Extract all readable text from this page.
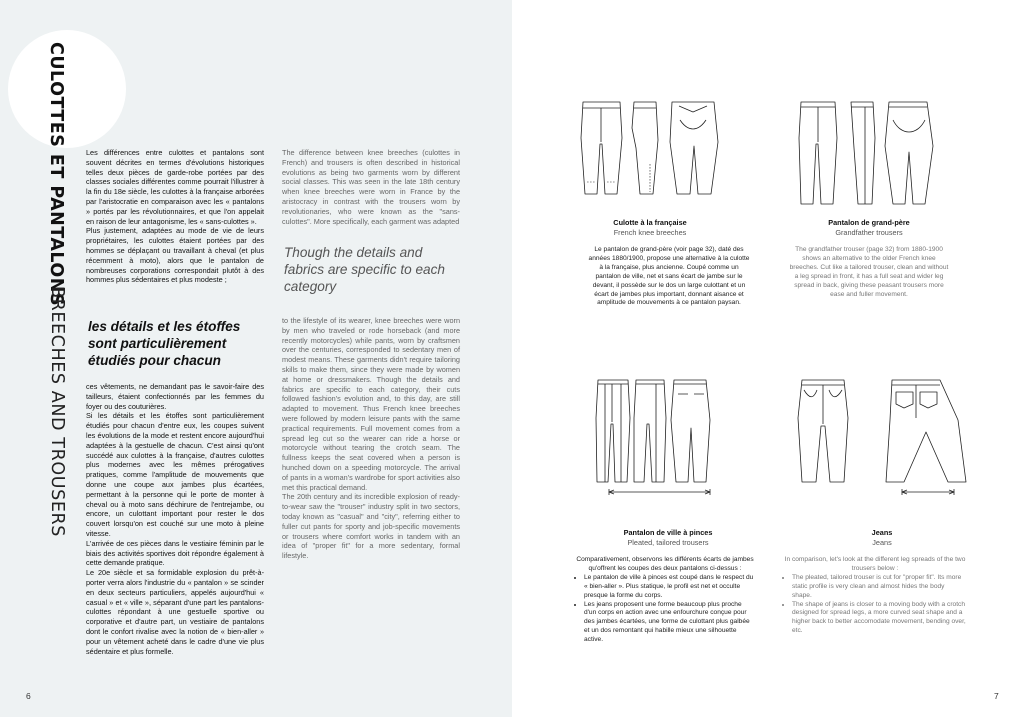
CULOTTES ET PANTALONS
BREECHES AND TROUSERS

Les différences entre culottes et pantalons sont souvent décrites en termes d'évolutions historiques telles deux pièces de garde-robe portées par des classes sociales différentes comme pourrait l'illustrer à la fin du 18e siècle, les culottes à la française arborées par l'aristocratie en comparaison avec les « pantalons » portés par les révolutionnaires, et que l'on appelait en raison de leur antagonisme, les « sans-culottes ».

Plus justement, adaptées au mode de vie de leurs propriétaires, les culottes étaient portées par des hommes se déplaçant ou travaillant à cheval (et plus récemment à moto), alors que le pantalon de nombreuses corporations correspondait plutôt à des hommes plus sédentaires et plus modeste ;

les détails et les étoffes sont particulièrement étudiés pour chacun

ces vêtements, ne demandant pas le savoir-faire des tailleurs, étaient confectionnés par les femmes du foyer ou des couturières.

Si les détails et les étoffes sont particulièrement étudiés pour chacun d'entre eux, les coupes suivent les évolutions de la mode et restent encore aujourd'hui adaptées à la gestuelle de chacun. C'est ainsi qu'ont succédé aux culottes à la française, d'autres culottes plus modernes avec les mêmes prérogatives pratiques, comme l'amplitude de mouvements que donne une coupe aux jambes plus écartées, permettant à la personne qui le porte de monter à cheval ou à moto sans déchirure de l'entrejambe, ou encore, un culottant important pour rester le dos couvert lorsqu'on est couché sur une moto à pleine vitesse.

L'arrivée de ces pièces dans le vestiaire féminin par le biais des activités sportives doit répondre également à cette demande pratique.

Le 20e siècle et sa formidable explosion du prêt-à-porter verra alors l'industrie du « pantalon » se scinder en deux secteurs particuliers, appelés aujourd'hui « casual » et « ville », séparant d'une part les pantalons-culottes répondant à une gestuelle sportive ou corporative et d'autre part, un vestiaire de pantalons dont le confort rivalise avec la notion de « bien-aller » pour un vêtement acheté dans le cadre d'une vie plus sédentaire et plus formelle.

The difference between knee breeches (culottes in French) and trousers is often described in historical evolutions as being two garments worn by different social classes. This was seen in the late 18th century when knee breeches were worn in France by the aristocracy in contrast with the trousers worn by revolutionaries, who were known as the "sans-culottes". More specifically, each garment was adapted

Though the details and fabrics are specific to each category

to the lifestyle of its wearer, knee breeches were worn by men who traveled or rode horseback (and more recently motorcycles) while pants, worn by craftsmen over the centuries, corresponded to sedentary men of modest means. These garments didn't require tailoring skills to make them, since they were made by women at home or dressmakers. Though the details and fabrics are specific to each category, their cuts followed fashion's evolution and, to this day, are still adapted to movement. Thus French knee breeches were followed by modern leisure pants with the same practical requirements. Full movement comes from a spread leg cut so the wearer can ride a horse or motorcycle without tearing the crotch seam. The fullness keeps the seat covered when a person is hunched down on a speeding motorcycle. The arrival of pants in a woman's wardrobe for sport activities also met this practical demand.

The 20th century and its incredible explosion of ready-to-wear saw the "trouser" industry split in two sectors, today known as "casual" and "city", referring either to fuller cut pants for sporty and job-specific movements or trousers where comfort works in tandem with an idea of "proper fit" for a more sedentary, formal lifestyle.

6
Culotte à la française
French knee breeches
Pantalon de grand-père
Grandfather trousers

Le pantalon de grand-père (voir page 32), daté des années 1880/1900, propose une alternative à la culotte à la française, plus ancienne. Coupé comme un pantalon de ville, net et sans écart de jambe sur le devant, il possède sur le dos un large culottant et un écart de jambes plus important, donnant aisance et amplitude de mouvements à ce pantalon paysan.

The grandfather trouser (page 32) from 1880-1900 shows an alternative to the older French knee breeches. Cut like a tailored trouser, clean and without a leg spread in front, it has a full seat and wider leg spread in back, giving these peasant trousers more ease and fuller movement.

Pantalon de ville à pinces
Pleated, tailored trousers
Jeans
Jeans

Comparativement, observons les différents écarts de jambes qu'offrent les coupes des deux pantalons ci-dessus :

• Le pantalon de ville à pinces est coupé dans le respect du « bien-aller ». Plus statique, le profil est net et occulte presque la forme du corps.
• Les jeans proposent une forme beaucoup plus proche d'un corps en action avec une enfourchure conçue pour des jambes écartées, une forme de culottant plus galbée et un dos remontant qui habille mieux une silhouette active.

In comparison, let's look at the different leg spreads of the two trousers below :

• The pleated, tailored trouser is cut for "proper fit". Its more static profile is very clean and almost hides the body shape.
• The shape of jeans is closer to a moving body with a crotch designed for spread legs, a more curved seat shape and a higher back to better accomodate movement, bending over, etc.
7
